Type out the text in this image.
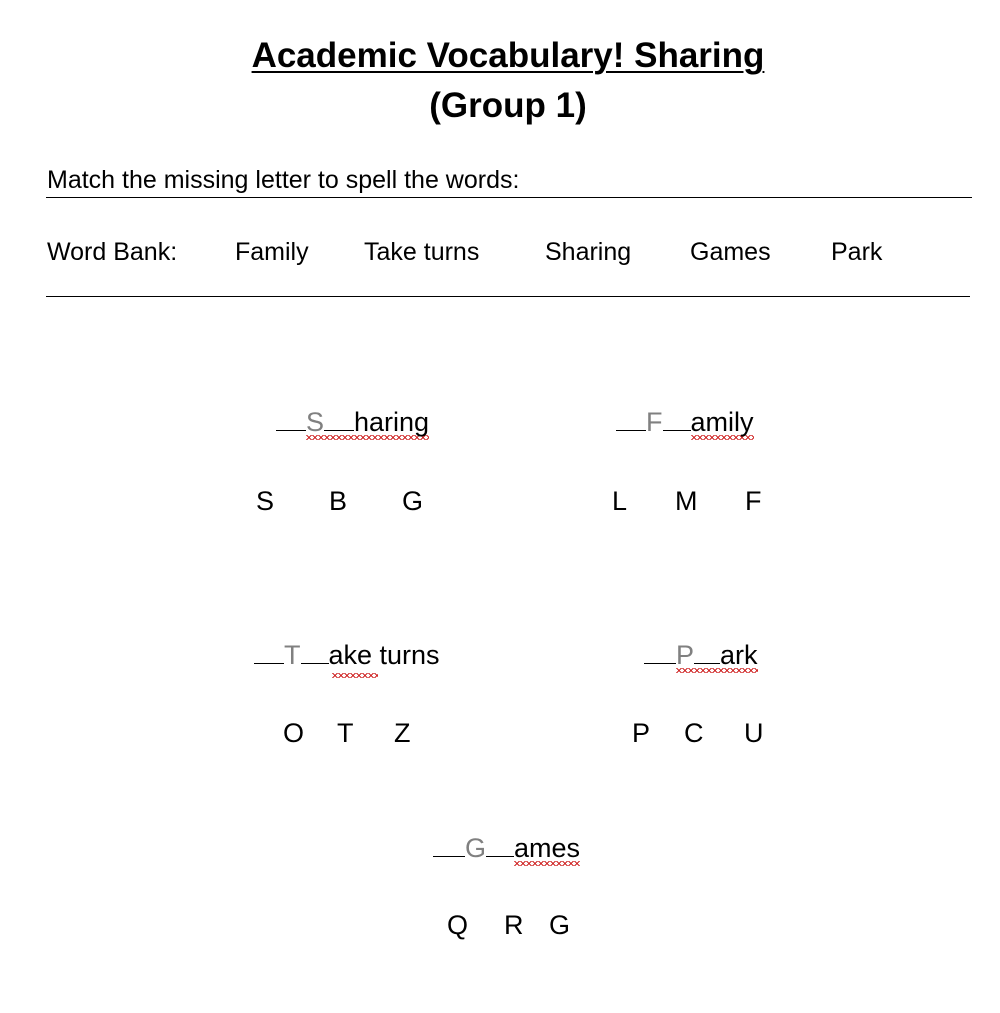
Academic Vocabulary! Sharing
(Group 1)
Match the missing letter to spell the words:
Word Bank: Family Take turns	Sharing Games Park
S haring
S B G
F amily
L M F
T ake turns
O T Z
P ark
P C U
G ames
Q R G
